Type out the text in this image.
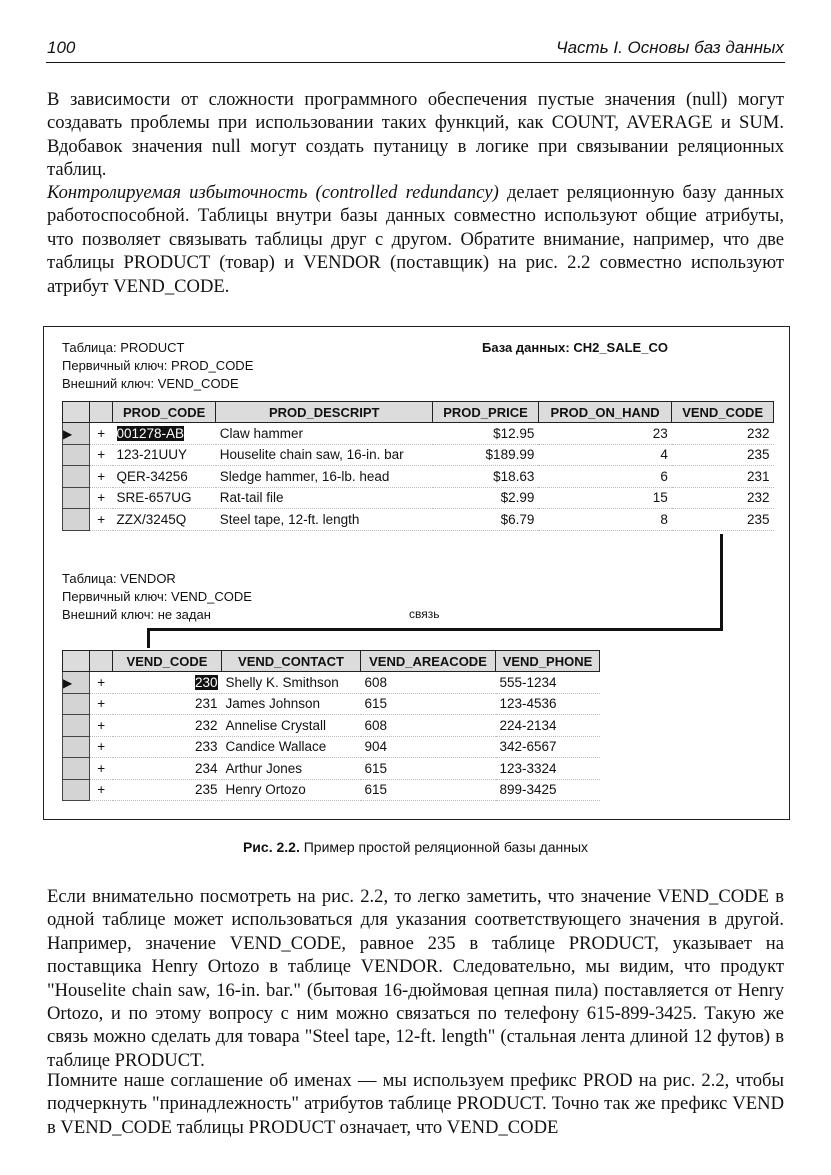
100	Часть I. Основы баз данных

В зависимости от сложности программного обеспечения пустые значения (null) могут создавать проблемы при использовании таких функций, как COUNT, AVERAGE и SUM. Вдобавок значения null могут создать путаницу в логике при связывании реляционных таблиц.

Контролируемая избыточность (controlled redundancy) делает реляционную базу данных работоспособной. Таблицы внутри базы данных совместно используют общие атрибуты, что позволяет связывать таблицы друг с другом. Обратите внимание, например, что две таблицы PRODUCT (товар) и VENDOR (поставщик) на рис. 2.2 совместно используют атрибут VEND_CODE.

Таблица: PRODUCT
Первичный ключ: PROD_CODE
Внешний ключ: VEND_CODE
База данных: CH2_SALE_CO
		PROD_CODE	PROD_DESCRIPT	PROD_PRICE	PROD_ON_HAND	VEND_CODE
▶	+	001278-AB	Claw hammer	$12.95	23	232
	+	123-21UUY	Houselite chain saw, 16-in. bar	$189.99	4	235
	+	QER-34256	Sledge hammer, 16-lb. head	$18.63	6	231
	+	SRE-657UG	Rat-tail file	$2.99	15	232
	+	ZZX/3245Q	Steel tape, 12-ft. length	$6.79	8	235
Таблица: VENDOR
Первичный ключ: VEND_CODE
Внешний ключ: не задан	связь
		VEND_CODE	VEND_CONTACT	VEND_AREACODE	VEND_PHONE
▶	+	230	Shelly K. Smithson	608	555-1234
	+	231	James Johnson	615	123-4536
	+	232	Annelise Crystall	608	224-2134
	+	233	Candice Wallace	904	342-6567
	+	234	Arthur Jones	615	123-3324
	+	235	Henry Ortozo	615	899-3425
Рис. 2.2. Пример простой реляционной базы данных

Если внимательно посмотреть на рис. 2.2, то легко заметить, что значение VEND_CODE в одной таблице может использоваться для указания соответствующего значения в другой. Например, значение VEND_CODE, равное 235 в таблице PRODUCT, указывает на поставщика Henry Ortozo в таблице VENDOR. Следовательно, мы видим, что продукт "Houselite chain saw, 16-in. bar." (бытовая 16-дюймовая цепная пила) поставляется от Henry Ortozo, и по этому вопросу с ним можно связаться по телефону 615-899-3425. Такую же связь можно сделать для товара "Steel tape, 12-ft. length" (стальная лента длиной 12 футов) в таблице PRODUCT.

Помните наше соглашение об именах — мы используем префикс PROD на рис. 2.2, чтобы подчеркнуть "принадлежность" атрибутов таблице PRODUCT. Точно так же префикс VEND в VEND_CODE таблицы PRODUCT означает, что VEND_CODE
